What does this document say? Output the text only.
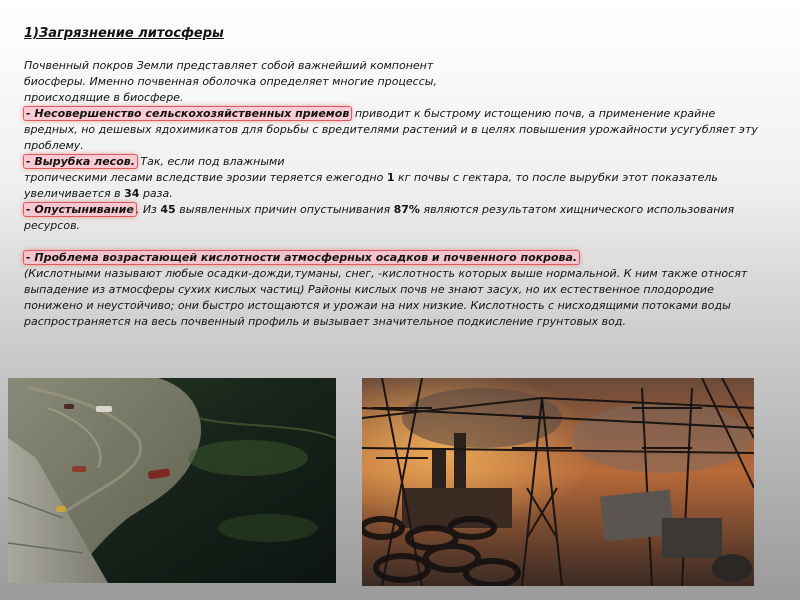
1)Загрязнение литосферы

Почвенный покров Земли представляет собой важнейший компонент
биосферы. Именно почвенная оболочка определяет многие процессы,
происходящие в биосфере.

- Несовершенство сельскохозяйственных приемов приводит к быстрому истощению почв, а применение крайне вредных, но дешевых ядохимикатов для борьбы с вредителями растений и в целях повышения урожайности усугубляет эту проблему.

- Вырубка лесов. Так, если под влажными
тропическими лесами вследствие эрозии теряется ежегодно 1 кг почвы с гектара, то после вырубки этот показатель увеличивается в 34 раза.

- Опустынивание . Из 45 выявленных причин опустынивания 87% являются результатом хищнического использования ресурсов.

- Проблема возрастающей кислотности атмосферных осадков и почвенного покрова.
(Кислотными называют любые осадки-дожди,туманы, снег, -кислотность которых выше нормальной. К ним также относят выпадение из атмосферы сухих кислых частиц) Районы кислых почв не знают засух, но их естественное плодородие понижено и неустойчиво; они быстро истощаются и урожаи на них низкие. Кислотность с нисходящими потоками воды распространяется на весь почвенный профиль и вызывает значительное подкисление грунтовых вод.
